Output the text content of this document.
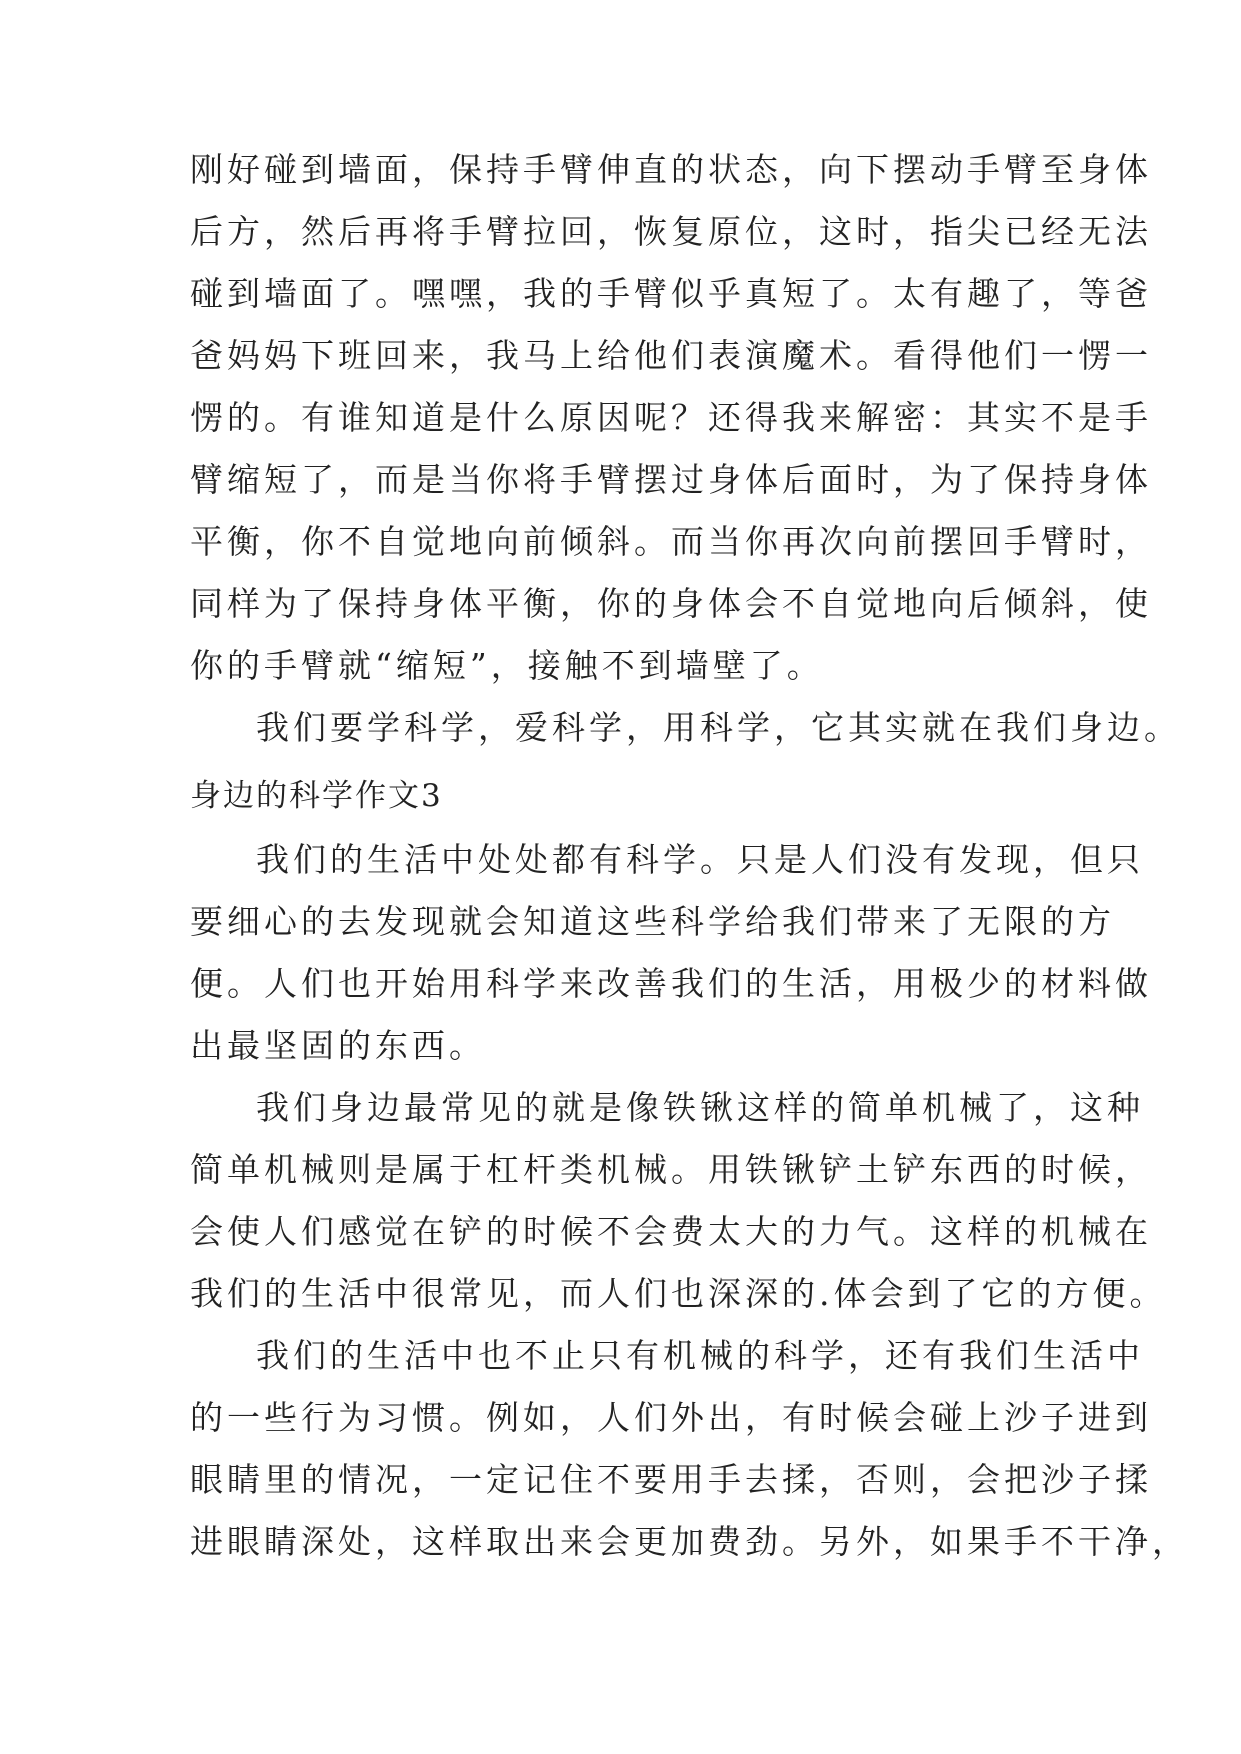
刚好碰到墙面，保持手臂伸直的状态，向下摆动手臂至身体
后方，然后再将手臂拉回，恢复原位，这时，指尖已经无法
碰到墙面了。嘿嘿，我的手臂似乎真短了。太有趣了，等爸
爸妈妈下班回来，我马上给他们表演魔术。看得他们一愣一
愣的。有谁知道是什么原因呢？还得我来解密：其实不是手
臂缩短了，而是当你将手臂摆过身体后面时，为了保持身体
平衡，你不自觉地向前倾斜。而当你再次向前摆回手臂时，
同样为了保持身体平衡，你的身体会不自觉地向后倾斜，使
你的手臂就“缩短”，接触不到墙壁了。
我们要学科学，爱科学，用科学，它其实就在我们身边。
身边的科学作文3
我们的生活中处处都有科学。只是人们没有发现，但只
要细心的去发现就会知道这些科学给我们带来了无限的方
便。人们也开始用科学来改善我们的生活，用极少的材料做
出最坚固的东西。
我们身边最常见的就是像铁锹这样的简单机械了，这种
简单机械则是属于杠杆类机械。用铁锹铲土铲东西的时候，
会使人们感觉在铲的时候不会费太大的力气。这样的机械在
我们的生活中很常见，而人们也深深的.体会到了它的方便。
我们的生活中也不止只有机械的科学，还有我们生活中
的一些行为习惯。例如，人们外出，有时候会碰上沙子进到
眼睛里的情况，一定记住不要用手去揉，否则，会把沙子揉
进眼睛深处，这样取出来会更加费劲。另外，如果手不干净，
